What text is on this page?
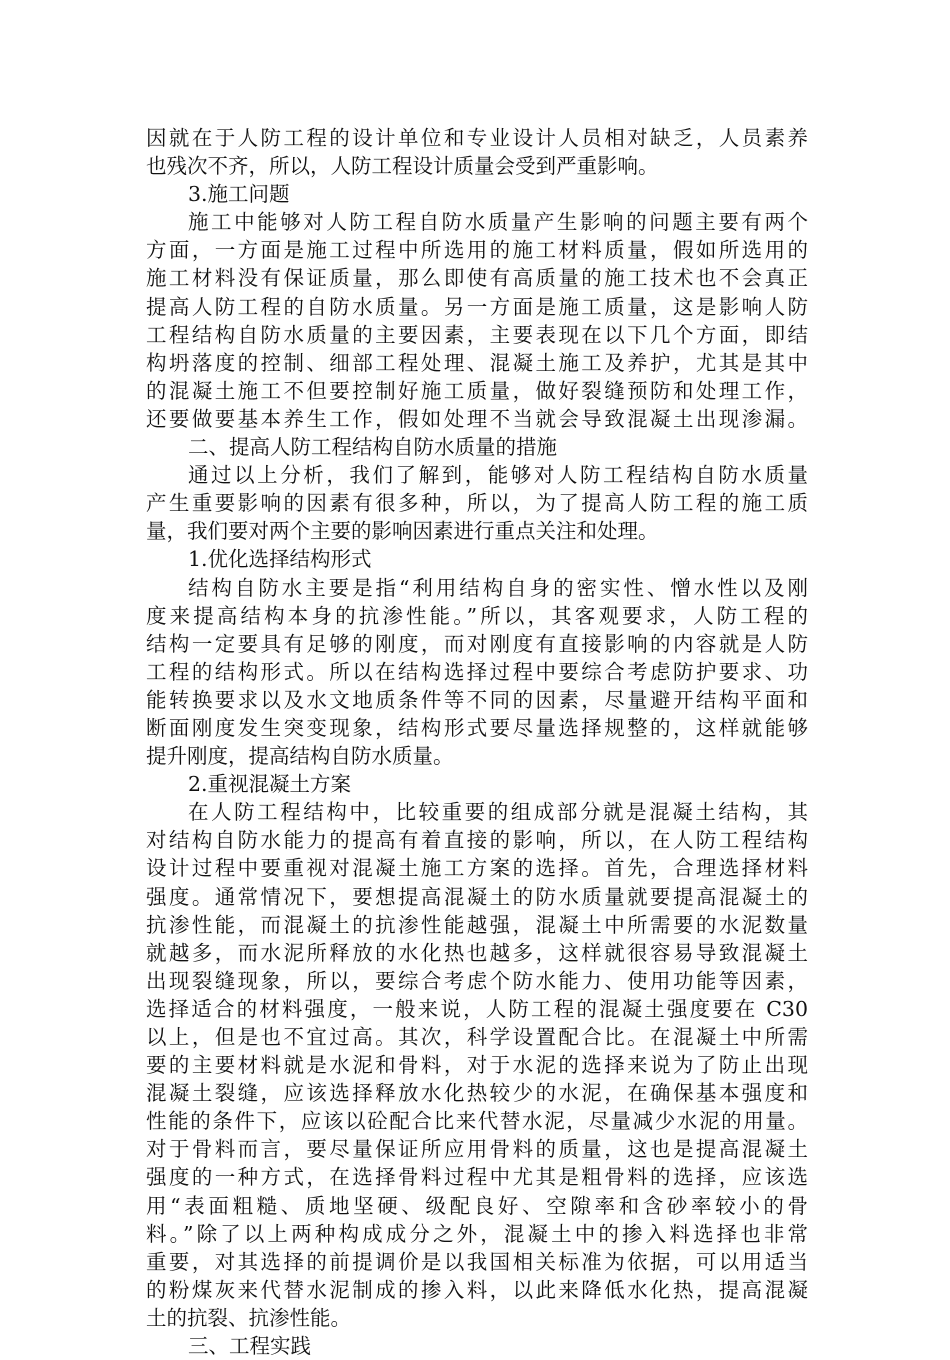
因就在于人防工程的设计单位和专业设计人员相对缺乏，人员素养
也残次不齐，所以，人防工程设计质量会受到严重影响。
3.施工问题
施工中能够对人防工程自防水质量产生影响的问题主要有两个
方面，一方面是施工过程中所选用的施工材料质量，假如所选用的
施工材料没有保证质量，那么即使有高质量的施工技术也不会真正
提高人防工程的自防水质量。另一方面是施工质量，这是影响人防
工程结构自防水质量的主要因素，主要表现在以下几个方面，即结
构坍落度的控制、细部工程处理、混凝土施工及养护，尤其是其中
的混凝土施工不但要控制好施工质量，做好裂缝预防和处理工作，
还要做要基本养生工作，假如处理不当就会导致混凝土出现渗漏。
二、提高人防工程结构自防水质量的措施
通过以上分析，我们了解到，能够对人防工程结构自防水质量
产生重要影响的因素有很多种，所以，为了提高人防工程的施工质
量，我们要对两个主要的影响因素进行重点关注和处理。
1.优化选择结构形式
结构自防水主要是指“利用结构自身的密实性、憎水性以及刚
度来提高结构本身的抗渗性能。”所以，其客观要求，人防工程的
结构一定要具有足够的刚度，而对刚度有直接影响的内容就是人防
工程的结构形式。所以在结构选择过程中要综合考虑防护要求、功
能转换要求以及水文地质条件等不同的因素，尽量避开结构平面和
断面刚度发生突变现象，结构形式要尽量选择规整的，这样就能够
提升刚度，提高结构自防水质量。
2.重视混凝土方案
在人防工程结构中，比较重要的组成部分就是混凝土结构，其
对结构自防水能力的提高有着直接的影响，所以，在人防工程结构
设计过程中要重视对混凝土施工方案的选择。首先，合理选择材料
强度。通常情况下，要想提高混凝土的防水质量就要提高混凝土的
抗渗性能，而混凝土的抗渗性能越强，混凝土中所需要的水泥数量
就越多，而水泥所释放的水化热也越多，这样就很容易导致混凝土
出现裂缝现象，所以，要综合考虑个防水能力、使用功能等因素，
选择适合的材料强度，一般来说，人防工程的混凝土强度要在 C30
以上，但是也不宜过高。其次，科学设置配合比。在混凝土中所需
要的主要材料就是水泥和骨料，对于水泥的选择来说为了防止出现
混凝土裂缝，应该选择释放水化热较少的水泥，在确保基本强度和
性能的条件下，应该以砼配合比来代替水泥，尽量减少水泥的用量。
对于骨料而言，要尽量保证所应用骨料的质量，这也是提高混凝土
强度的一种方式，在选择骨料过程中尤其是粗骨料的选择，应该选
用“表面粗糙、质地坚硬、级配良好、空隙率和含砂率较小的骨
料。”除了以上两种构成成分之外，混凝土中的掺入料选择也非常
重要，对其选择的前提调价是以我国相关标准为依据，可以用适当
的粉煤灰来代替水泥制成的掺入料，以此来降低水化热，提高混凝
土的抗裂、抗渗性能。
三、工程实践
